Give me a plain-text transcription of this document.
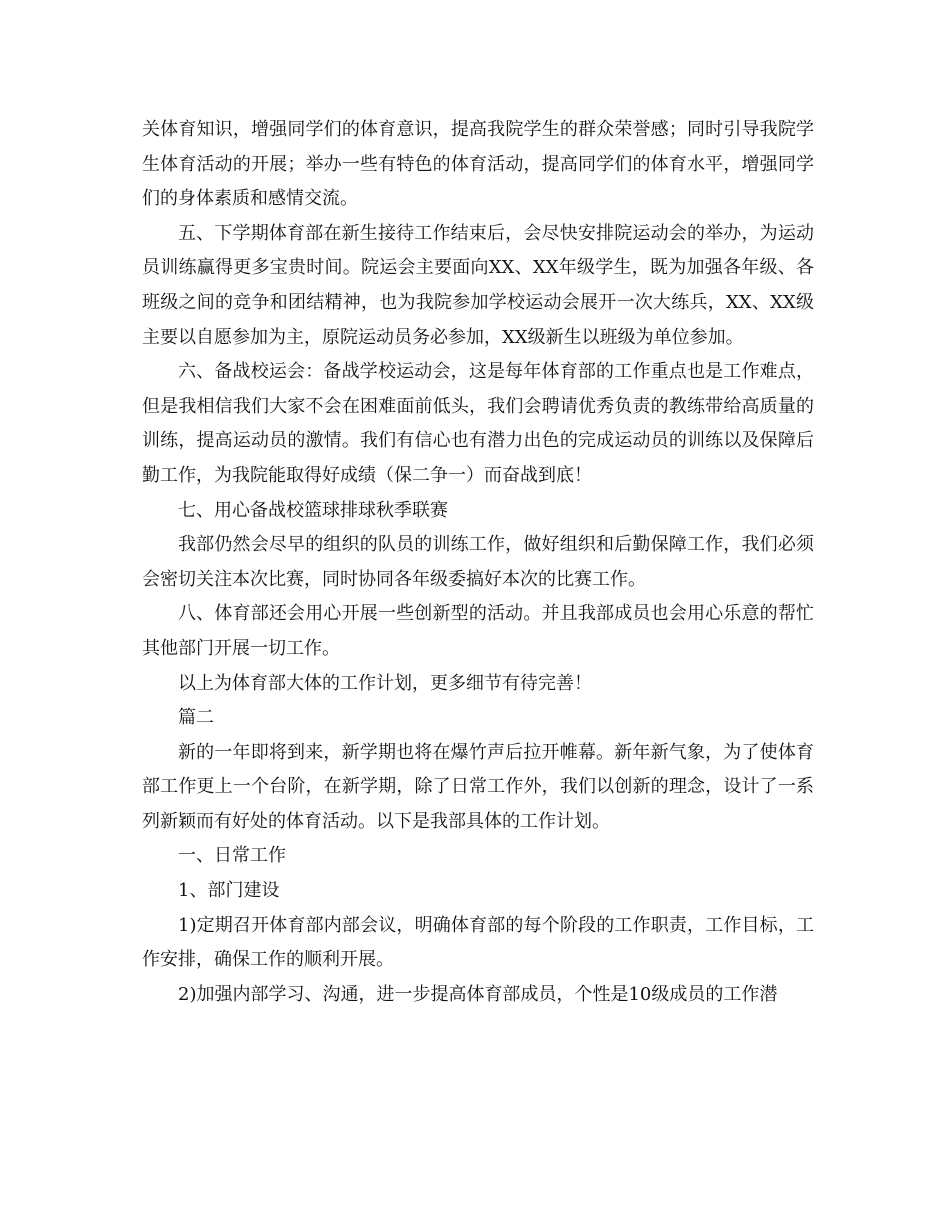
关体育知识，增强同学们的体育意识，提高我院学生的群众荣誉感；同时引导我院学生体育活动的开展；举办一些有特色的体育活动，提高同学们的体育水平，增强同学们的身体素质和感情交流。

五、下学期体育部在新生接待工作结束后，会尽快安排院运动会的举办，为运动员训练赢得更多宝贵时间。院运会主要面向XX、XX年级学生，既为加强各年级、各班级之间的竞争和团结精神，也为我院参加学校运动会展开一次大练兵，XX、XX级主要以自愿参加为主，原院运动员务必参加，XX级新生以班级为单位参加。

六、备战校运会：备战学校运动会，这是每年体育部的工作重点也是工作难点，但是我相信我们大家不会在困难面前低头，我们会聘请优秀负责的教练带给高质量的训练，提高运动员的激情。我们有信心也有潜力出色的完成运动员的训练以及保障后勤工作，为我院能取得好成绩（保二争一）而奋战到底！

七、用心备战校篮球排球秋季联赛

我部仍然会尽早的组织的队员的训练工作，做好组织和后勤保障工作，我们必须会密切关注本次比赛，同时协同各年级委搞好本次的比赛工作。

八、体育部还会用心开展一些创新型的活动。并且我部成员也会用心乐意的帮忙其他部门开展一切工作。

以上为体育部大体的工作计划，更多细节有待完善！

篇二

新的一年即将到来，新学期也将在爆竹声后拉开帷幕。新年新气象，为了使体育部工作更上一个台阶，在新学期，除了日常工作外，我们以创新的理念，设计了一系列新颖而有好处的体育活动。以下是我部具体的工作计划。

一、日常工作

1、部门建设

1)定期召开体育部内部会议，明确体育部的每个阶段的工作职责，工作目标，工作安排，确保工作的顺利开展。

2)加强内部学习、沟通，进一步提高体育部成员，个性是10级成员的工作潜
